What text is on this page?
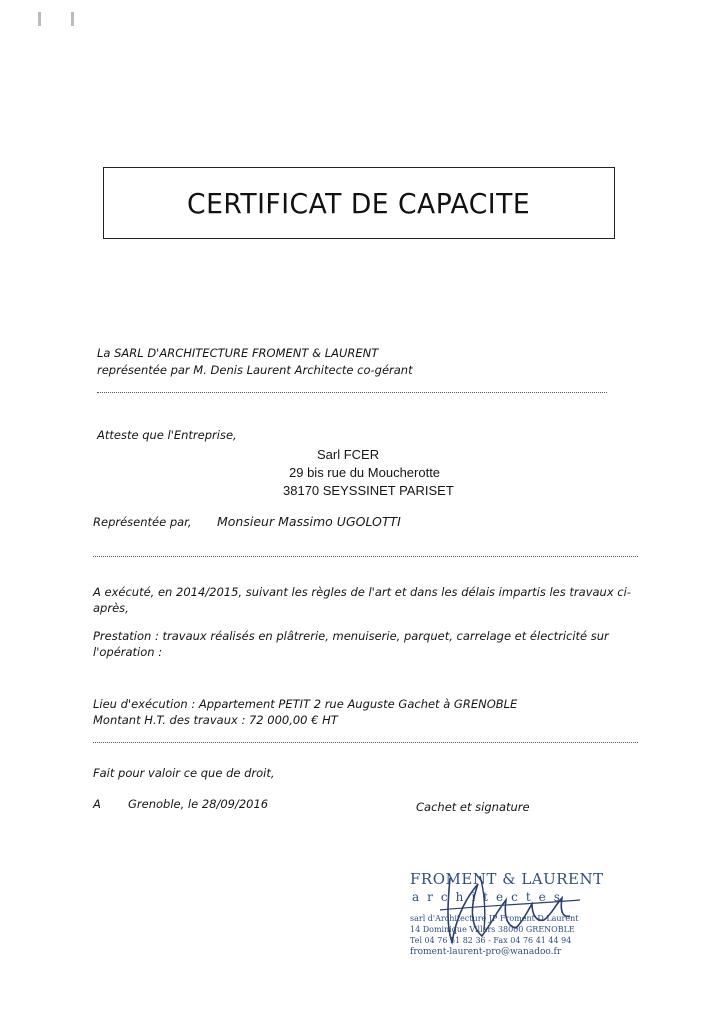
CERTIFICAT DE CAPACITE
La SARL D'ARCHITECTURE FROMENT & LAURENT
représentée par M. Denis Laurent Architecte co-gérant
Atteste que l'Entreprise,
Sarl FCER
29 bis rue du Moucherotte
38170 SEYSSINET PARISET
Représentée par, Monsieur Massimo UGOLOTTI
A exécuté, en 2014/2015, suivant les règles de l'art et dans les délais impartis les travaux ci-après,
Prestation : travaux réalisés en plâtrerie, menuiserie, parquet, carrelage et électricité sur l'opération :
Lieu d'exécution : Appartement PETIT 2 rue Auguste Gachet à GRENOBLE
Montant H.T. des travaux : 72 000,00 € HT
Fait pour valoir ce que de droit,
A Grenoble, le 28/09/2016	Cachet et signature
FROMENT & LAURENT
architectes
sarl d'Architecture JP Froment D Laurent
14 Dominique Villars 38000 GRENOBLE
Tel 04 76 51 82 36 - Fax 04 76 41 44 94
froment-laurent-pro@wanadoo.fr
